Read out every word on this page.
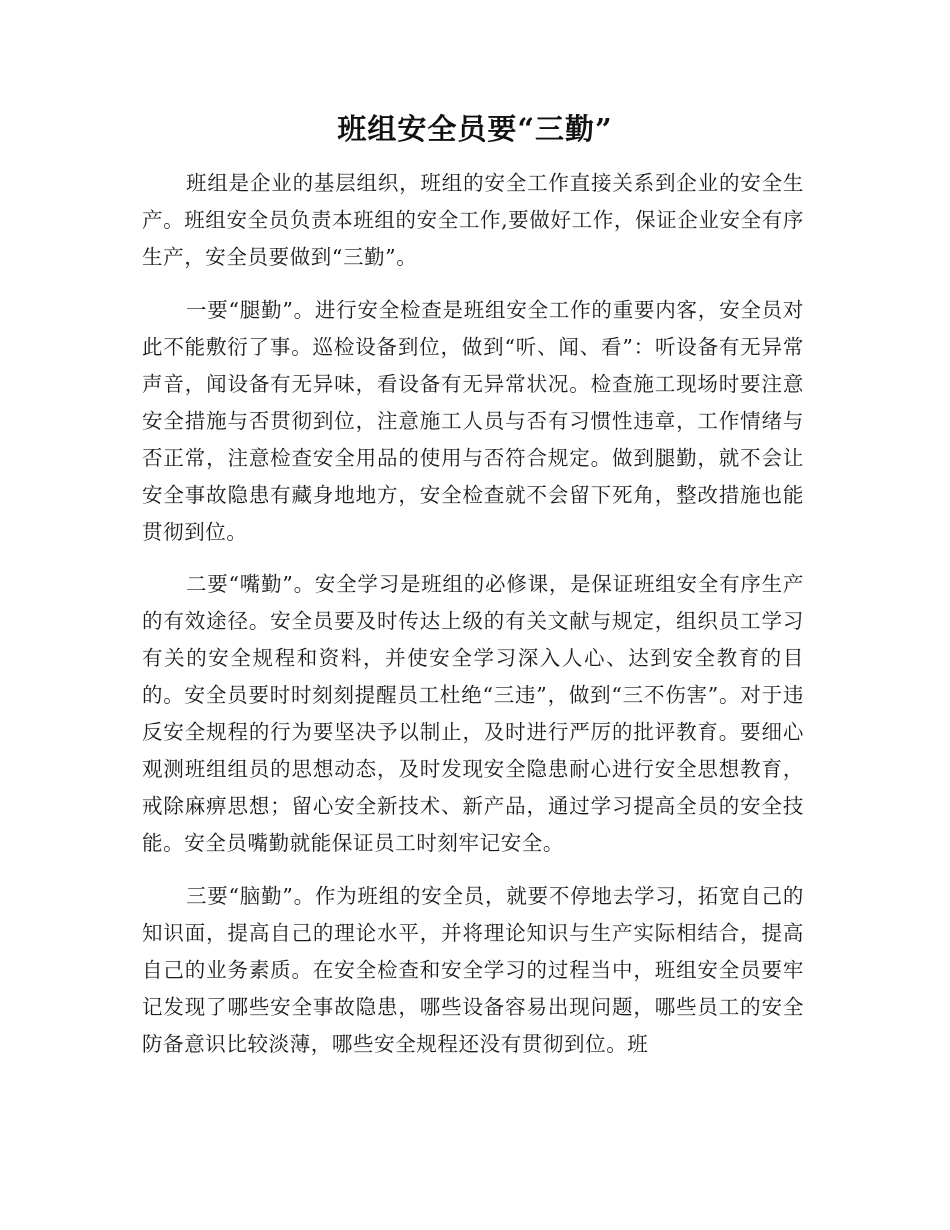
班组安全员要“三勤”

班组是企业的基层组织，班组的安全工作直接关系到企业的安全生产。班组安全员负责本班组的安全工作,要做好工作，保证企业安全有序生产，安全员要做到“三勤”。

一要“腿勤”。进行安全检查是班组安全工作的重要内客，安全员对此不能敷衍了事。巡检设备到位，做到“听、闻、看”：听设备有无异常声音，闻设备有无异味，看设备有无异常状况。检查施工现场时要注意安全措施与否贯彻到位，注意施工人员与否有习惯性违章，工作情绪与否正常，注意检查安全用品的使用与否符合规定。做到腿勤，就不会让安全事故隐患有藏身地地方，安全检查就不会留下死角，整改措施也能贯彻到位。

二要“嘴勤”。安全学习是班组的必修课，是保证班组安全有序生产的有效途径。安全员要及时传达上级的有关文献与规定，组织员工学习有关的安全规程和资料，并使安全学习深入人心、达到安全教育的目的。安全员要时时刻刻提醒员工杜绝“三违”，做到“三不伤害”。对于违反安全规程的行为要坚决予以制止，及时进行严厉的批评教育。要细心观测班组组员的思想动态，及时发现安全隐患耐心进行安全思想教育，戒除麻痹思想；留心安全新技术、新产品，通过学习提高全员的安全技能。安全员嘴勤就能保证员工时刻牢记安全。

三要“脑勤”。作为班组的安全员，就要不停地去学习，拓宽自己的知识面，提高自己的理论水平，并将理论知识与生产实际相结合，提高自己的业务素质。在安全检查和安全学习的过程当中，班组安全员要牢记发现了哪些安全事故隐患，哪些设备容易出现问题，哪些员工的安全防备意识比较淡薄，哪些安全规程还没有贯彻到位。班
